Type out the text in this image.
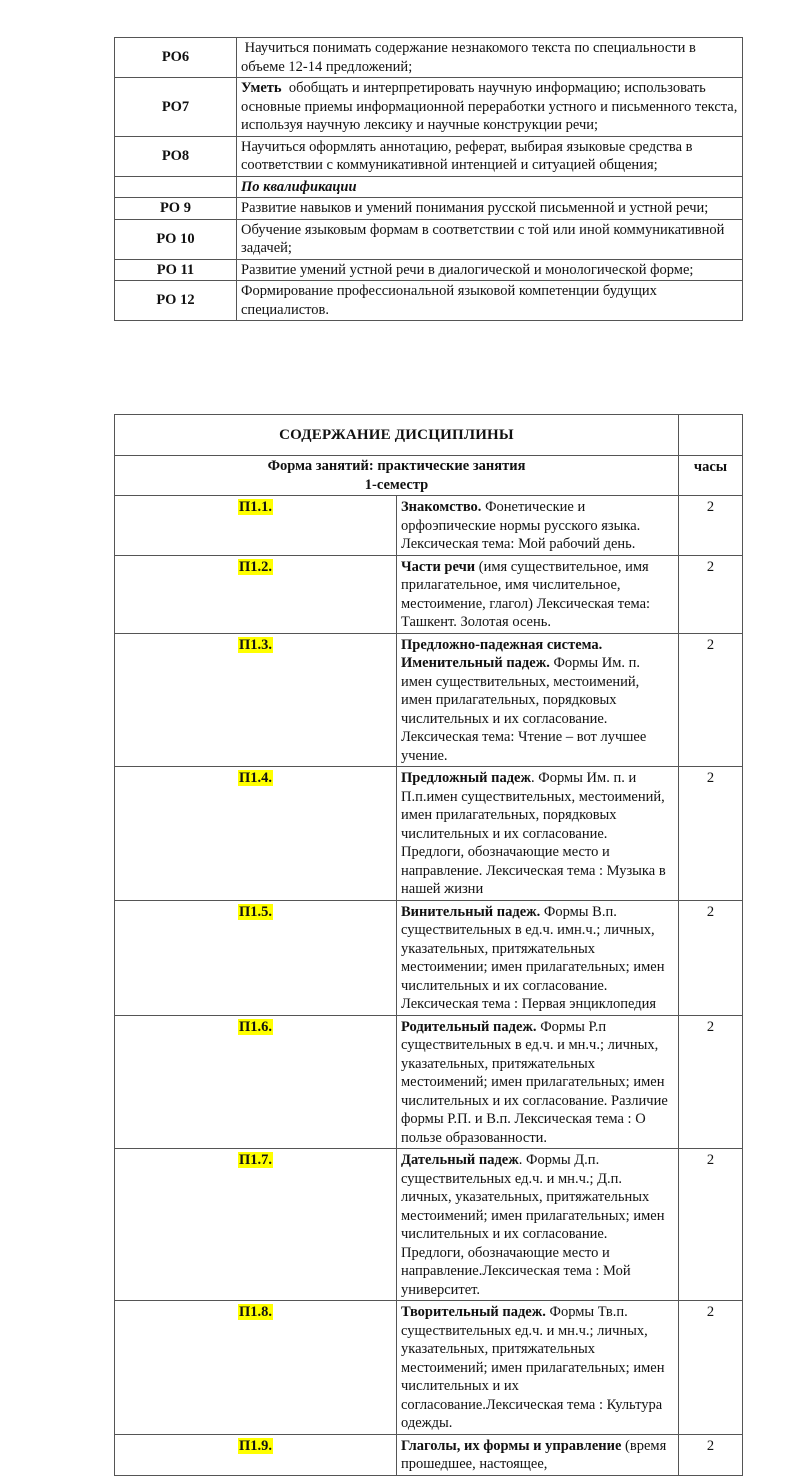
РО6	Научиться понимать содержание незнакомого текста по специальности в объеме 12-14 предложений;
РО7	Уметь  обобщать и интерпретировать научную информацию; использовать основные приемы информационной переработки устного и письменного текста, используя научную лексику и научные конструкции речи;
РО8	Научиться оформлять аннотацию, реферат, выбирая языковые средства в соответствии с коммуникативной интенцией и ситуацией общения;
	По квалификации
РО 9	Развитие навыков и умений понимания русской письменной и устной речи;
РО 10	Обучение языковым формам в соответствии с той или иной коммуникативной задачей;
РО 11	Развитие умений устной речи в диалогической и монологической форме;
РО 12	Формирование профессиональной языковой компетенции будущих специалистов.
СОДЕРЖАНИЕ ДИСЦИПЛИНЫ		

Форма занятий: практические занятия
1-семестр		часы
П1.1.	Знакомство. Фонетические и орфоэпические нормы русского языка. Лексическая тема: Мой рабочий день.	2
П1.2.	Части речи (имя существительное, имя прилагательное, имя числительное, местоимение, глагол) Лексическая тема: Ташкент. Золотая осень.	2
П1.3.	Предложно-падежная система. Именительный падеж. Формы Им. п. имен существительных, местоимений, имен прилагательных, порядковых числительных и их согласование. Лексическая тема: Чтение – вот лучшее учение.	2
П1.4.	Предложный падеж. Формы Им. п. и П.п.имен существительных, местоимений, имен прилагательных, порядковых числительных и их согласование. Предлоги, обозначающие место и направление. Лексическая тема : Музыка в нашей жизни	2
П1.5.	Винительный падеж. Формы В.п. существительных в ед.ч. имн.ч.; личных, указательных, притяжательных местоимении; имен прилагательных; имен числительных и их согласование. Лексическая тема : Первая энциклопедия	2
П1.6.	Родительный падеж. Формы Р.п существительных в ед.ч. и мн.ч.; личных, указательных, притяжательных местоимений; имен прилагательных; имен числительных и их согласование. Различие формы Р.П. и В.п. Лексическая тема : О пользе образованности.	2
П1.7.	Дательный падеж. Формы Д.п. существительных ед.ч. и мн.ч.; Д.п. личных, указательных, притяжательных местоимений; имен прилагательных; имен числительных и их согласование. Предлоги, обозначающие место и направление.Лексическая тема : Мой университет.	2
П1.8.	Творительный падеж. Формы Тв.п. существительных ед.ч. и мн.ч.; личных, указательных, притяжательных местоимений; имен прилагательных; имен числительных и их согласование.Лексическая тема : Культура одежды.	2
П1.9.	Глаголы, их формы и управление (время прошедшее, настоящее,	2
